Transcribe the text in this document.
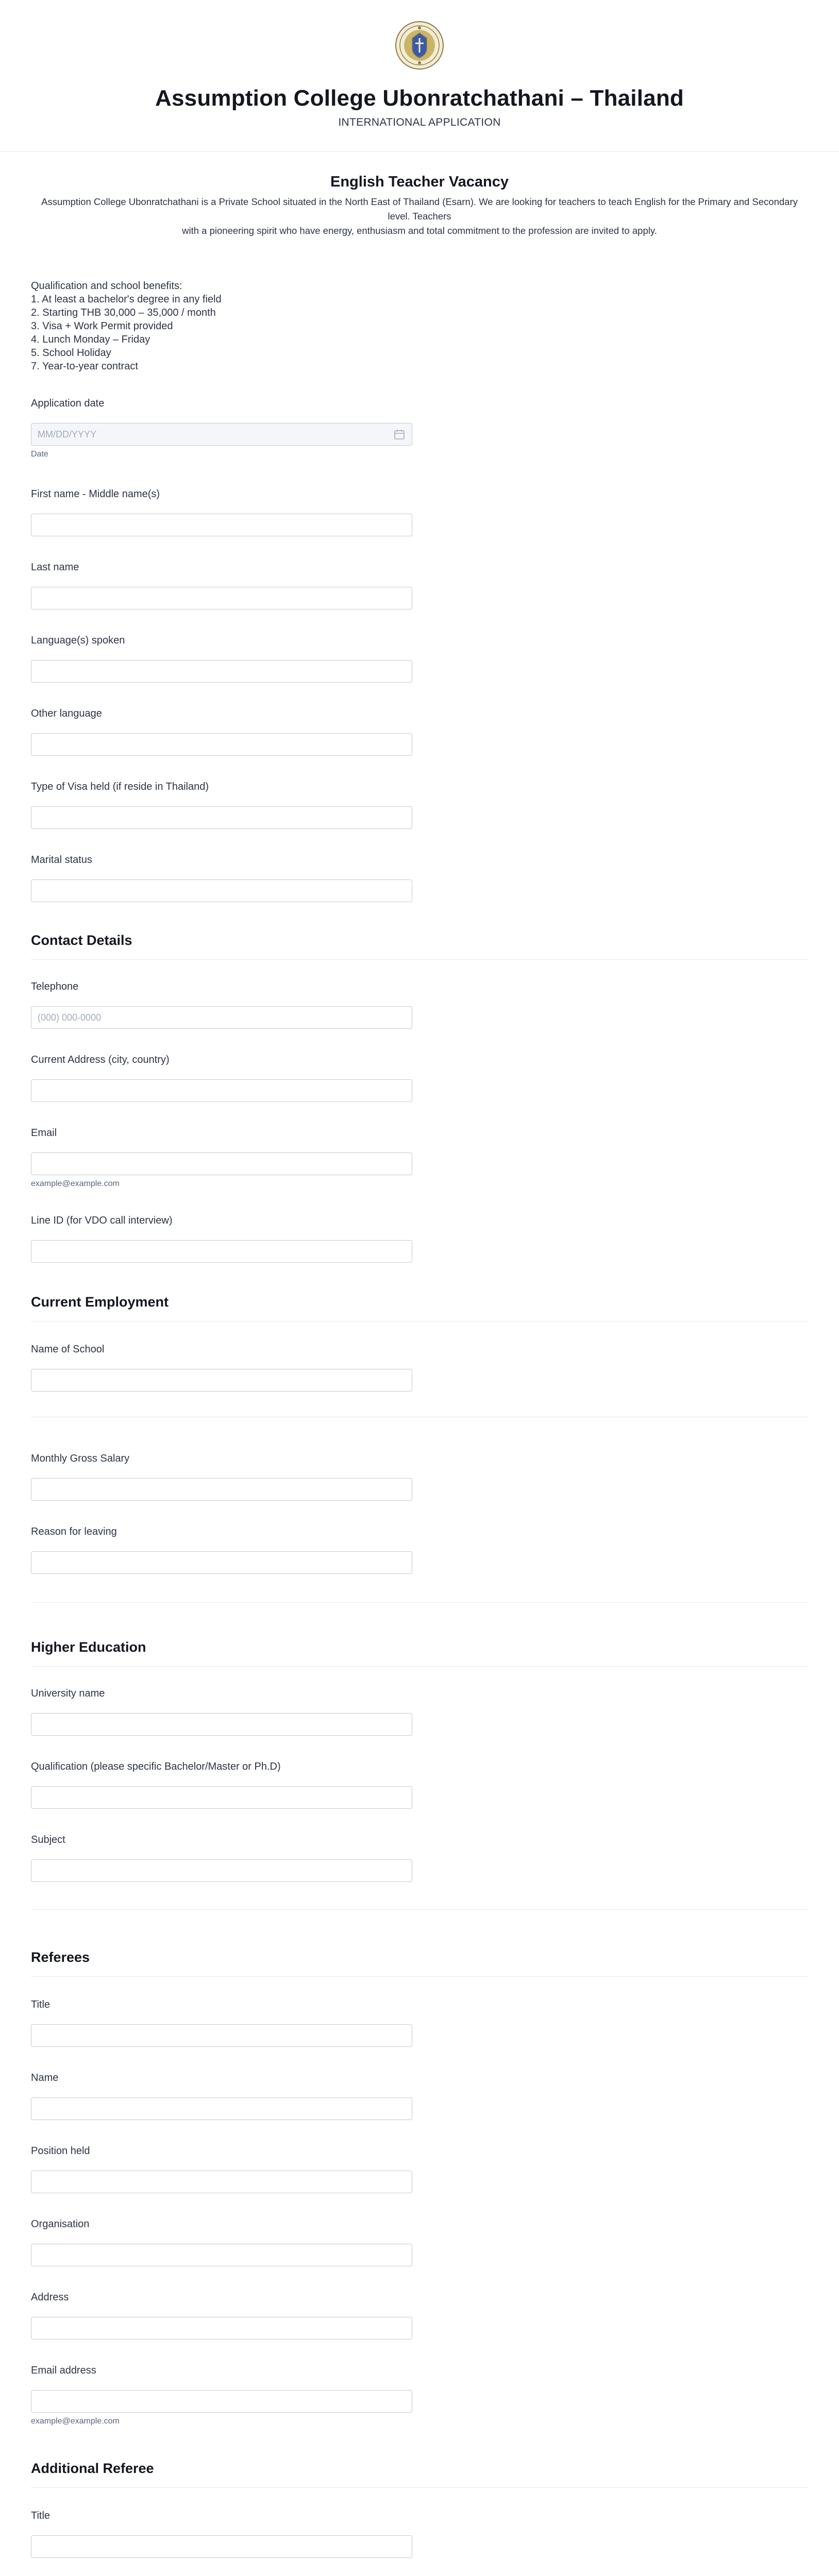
Assumption College Ubonratchathani – Thailand
INTERNATIONAL APPLICATION
English Teacher Vacancy
Assumption College Ubonratchathani is a Private School situated in the North East of Thailand (Esarn). We are looking for teachers to teach English for the Primary and Secondary level. Teachers
with a pioneering spirit who have energy, enthusiasm and total commitment to the profession are invited to apply.
Qualification and school benefits:
1. At least a bachelor's degree in any field
2. Starting THB 30,000 – 35,000 / month
3. Visa + Work Permit provided
4. Lunch Monday – Friday
5. School Holiday
7. Year-to-year contract
Application date
MM/DD/YYYY
Date
First name - Middle name(s)
Last name
Language(s) spoken
Other language
Type of Visa held (if reside in Thailand)
Marital status
Contact Details
Telephone
(000) 000-0000
Current Address (city, country)
Email
example@example.com
Line ID (for VDO call interview)
Current Employment
Name of School
Monthly Gross Salary
Reason for leaving
Higher Education
University name
Qualification (please specific Bachelor/Master or Ph.D)
Subject
Referees
Title
Name
Position held
Organisation
Address
Email address
example@example.com
Additional Referee
Title
